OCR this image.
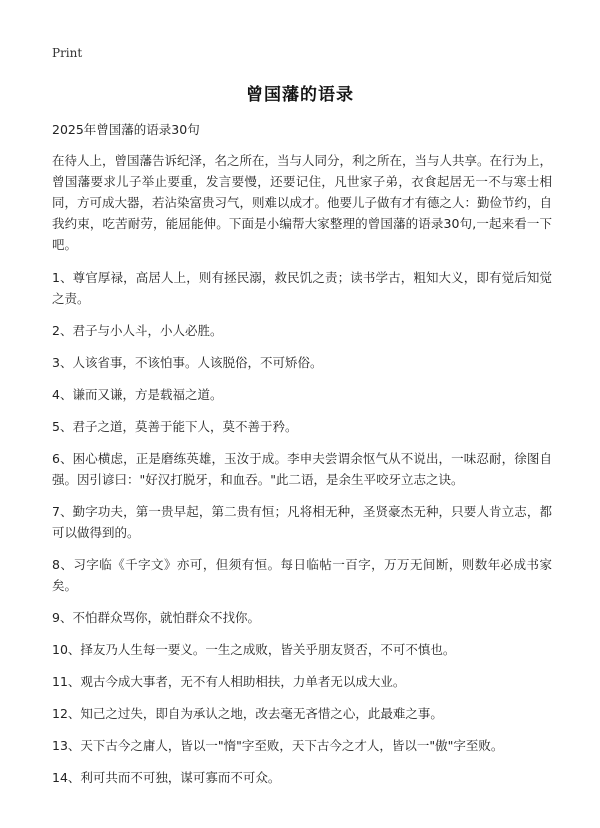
Print
曾国藩的语录
2025年曾国藩的语录30句

在待人上，曾国藩告诉纪泽，名之所在，当与人同分，利之所在，当与人共享。在行为上，曾国藩要求儿子举止要重，发言要慢，还要记住，凡世家子弟，衣食起居无一不与寒士相同，方可成大器，若沾染富贵习气，则难以成才。他要儿子做有才有德之人：勤俭节约，自我约束，吃苦耐劳，能屈能伸。下面是小编帮大家整理的曾国藩的语录30句,一起来看一下吧。

1、尊官厚禄，高居人上，则有拯民溺，救民饥之责；读书学古，粗知大义，即有觉后知觉之责。

2、君子与小人斗，小人必胜。

3、人该省事，不该怕事。人该脱俗，不可矫俗。

4、谦而又谦，方是载福之道。

5、君子之道，莫善于能下人，莫不善于矜。

6、困心横虑，正是磨练英雄，玉汝于成。李申夫尝谓余怄气从不说出，一味忍耐，徐图自强。因引谚曰："好汉打脱牙，和血吞。"此二语，是余生平咬牙立志之诀。

7、勤字功夫，第一贵早起，第二贵有恒；凡将相无种，圣贤豪杰无种，只要人肯立志，都可以做得到的。

8、习字临《千字文》亦可，但须有恒。每日临帖一百字，万万无间断，则数年必成书家矣。

9、不怕群众骂你，就怕群众不找你。

10、择友乃人生每一要义。一生之成败，皆关乎朋友贤否，不可不慎也。

11、观古今成大事者，无不有人相助相扶，力单者无以成大业。

12、知己之过失，即自为承认之地，改去毫无吝惜之心，此最难之事。

13、天下古今之庸人，皆以一"惰"字至败，天下古今之才人，皆以一"傲"字至败。

14、利可共而不可独，谋可寡而不可众。
